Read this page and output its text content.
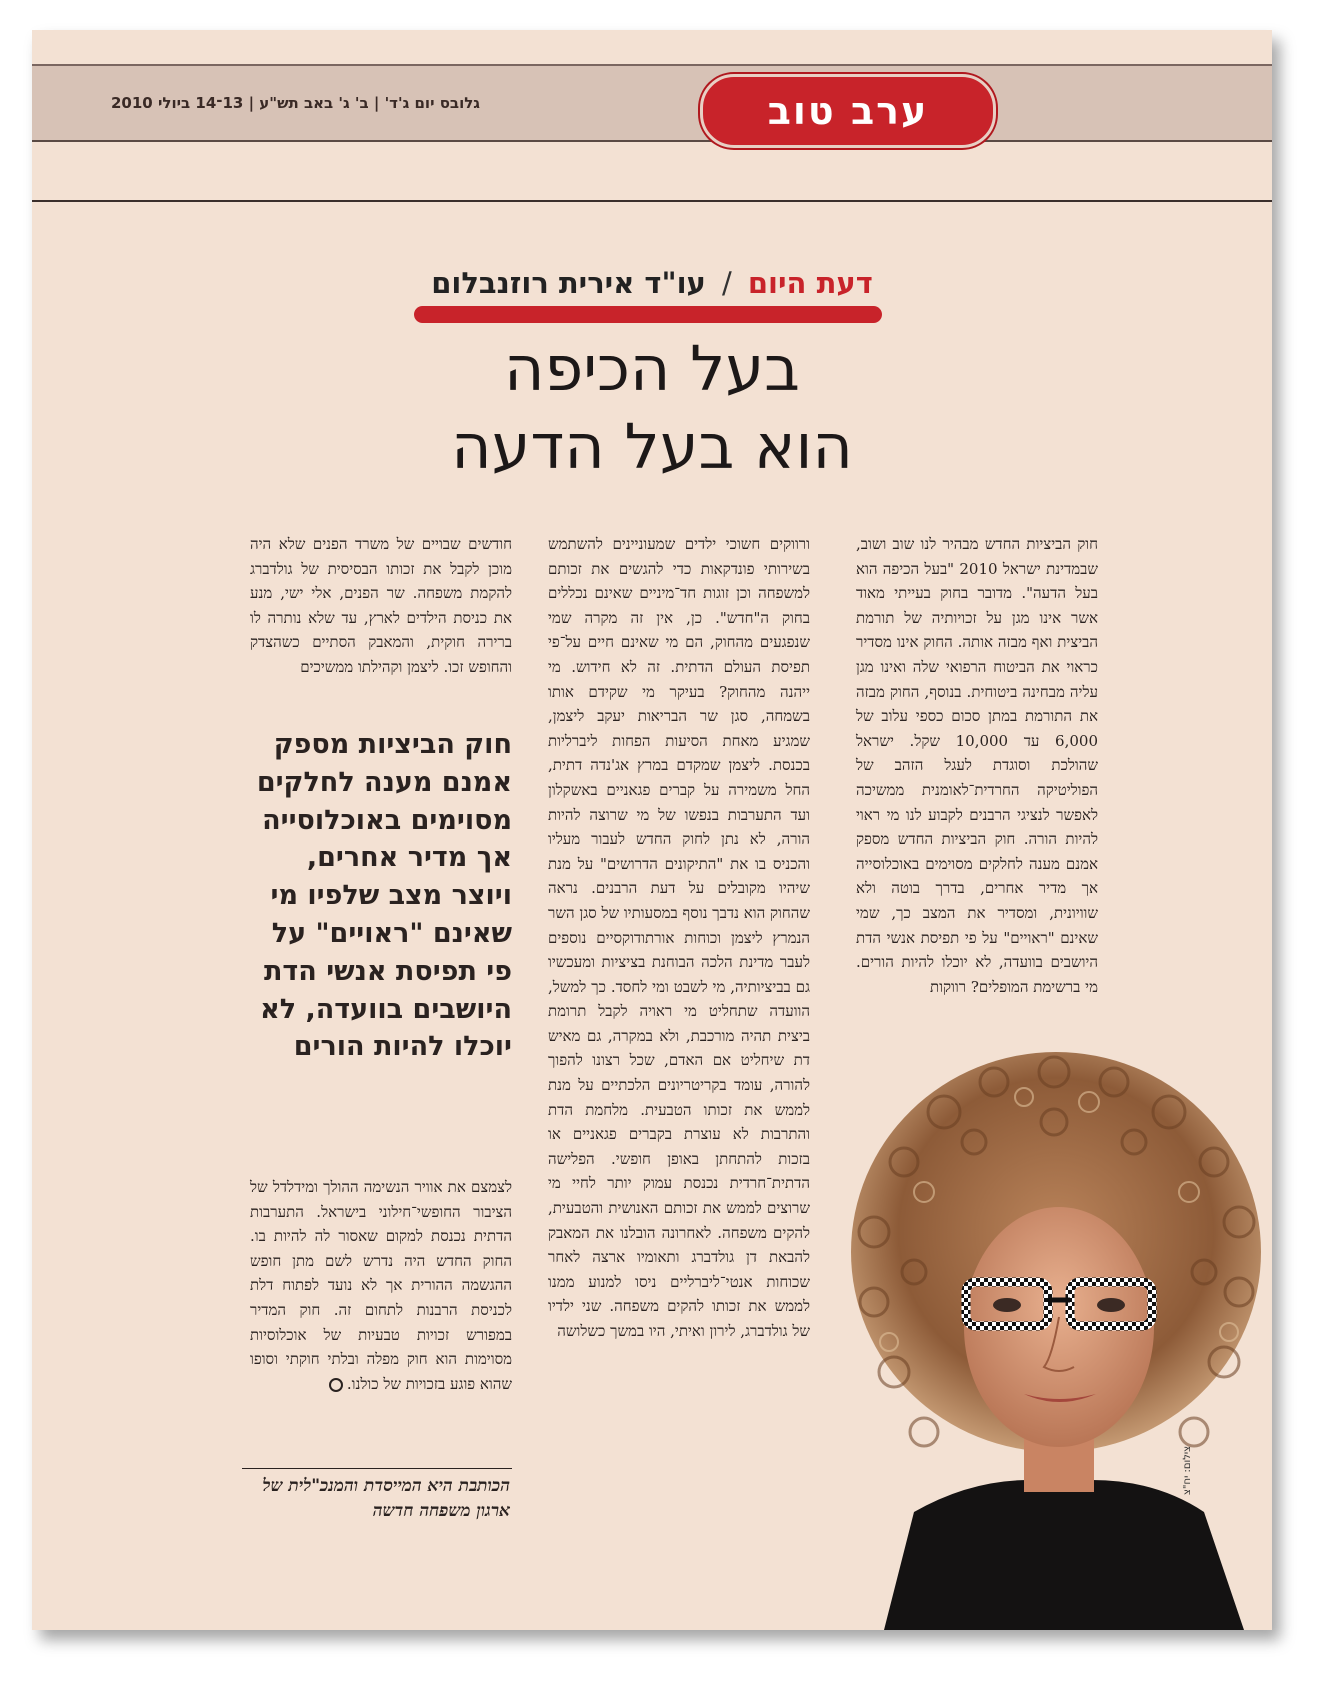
גלובס יום ג'ד' | ב' ג' באב תש"ע | 13־14 ביולי 2010	ערב טוב
דעת היום / עו"ד אירית רוזנבלום
בעל הכיפה
הוא בעל הדעה

חוק הביציות החדש מבהיר לנו שוב ושוב, שבמדינת ישראל 2010 "בעל הכיפה הוא בעל הדעה". מדובר בחוק בעייתי מאוד אשר אינו מגן על זכויותיה של תורמת הביצית ואף מבזה אותה. החוק אינו מסדיר כראוי את הביטוח הרפואי שלה ואינו מגן עליה מבחינה ביטוחית. בנוסף, החוק מבזה את התורמת במתן סכום כספי עלוב של 6,000 עד 10,000 שקל. ישראל שהולכת וסוגדת לעגל הזהב של הפוליטיקה החרדית־לאומנית ממשיכה לאפשר לנציגי הרבנים לקבוע לנו מי ראוי להיות הורה. חוק הביציות החדש מספק אמנם מענה לחלקים מסוימים באוכלוסייה אך מדיר אחרים, בדרך בוטה ולא שוויונית, ומסדיר את המצב כך, שמי שאינם "ראויים" על פי תפיסת אנשי הדת היושבים בוועדה, לא יוכלו להיות הורים. מי ברשימת המופלים? רווקות

ורווקים חשוכי ילדים שמעוניינים להשתמש בשירותי פונדקאות כדי להגשים את זכותם למשפחה וכן זוגות חד־מיניים שאינם נכללים בחוק ה"חדש". כן, אין זה מקרה שמי שנפגעים מהחוק, הם מי שאינם חיים על־פי תפיסת העולם הדתית. זה לא חידוש. מי ייהנה מהחוק? בעיקר מי שקידם אותו בשמחה, סגן שר הבריאות יעקב ליצמן, שמגיע מאחת הסיעות הפחות ליברליות בכנסת. ליצמן שמקדם במרץ אג'נדה דתית, החל משמירה על קברים פגאניים באשקלון ועד התערבות בנפשו של מי שרוצה להיות הורה, לא נתן לחוק החדש לעבור מעליו והכניס בו את "התיקונים הדרושים" על מנת שיהיו מקובלים על דעת הרבנים. נראה שהחוק הוא נדבך נוסף במסעותיו של סגן השר הנמרץ ליצמן וכוחות אורתודוקסיים נוספים לעבר מדינת הלכה הבוחנת בציציות ומעכשיו גם בביציותיה, מי לשבט ומי לחסד. כך למשל, הוועדה שתחליט מי ראויה לקבל תרומת ביצית תהיה מורכבת, ולא במקרה, גם מאיש דת שיחליט אם האדם, שכל רצונו להפוך להורה, עומד בקריטריונים הלכתיים על מנת לממש את זכותו הטבעית. מלחמת הדת והתרבות לא עוצרת בקברים פגאניים או בזכות להתחתן באופן חופשי. הפלישה הדתית־חרדית נכנסת עמוק יותר לחיי מי שרוצים לממש את זכותם האנושית והטבעית, להקים משפחה. לאחרונה הובלנו את המאבק להבאת דן גולדברג ותאומיו ארצה לאחר שכוחות אנטי־ליברליים ניסו למנוע ממנו לממש את זכותו להקים משפחה. שני ילדיו של גולדברג, לירון ואיתי, היו במשך כשלושה

חודשים שבויים של משרד הפנים שלא היה מוכן לקבל את זכותו הבסיסית של גולדברג להקמת משפחה. שר הפנים, אלי ישי, מנע את כניסת הילדים לארץ, עד שלא נותרה לו ברירה חוקית, והמאבק הסתיים כשהצדק והחופש זכו. ליצמן וקהילתו ממשיכים

חוק הביציות מספק אמנם מענה לחלקים מסוימים באוכלוסייה אך מדיר אחרים, ויוצר מצב שלפיו מי שאינם "ראויים" על פי תפיסת אנשי הדת היושבים בוועדה, לא יוכלו להיות הורים
לצמצם את אוויר הנשימה ההולך ומידלדל של הציבור החופשי־חילוני בישראל. התערבות הדתית נכנסת למקום שאסור לה להיות בו. החוק החדש היה נדרש לשם מתן חופש ההגשמה ההורית אך לא נועד לפתוח דלת לכניסת הרבנות לתחום זה. חוק המדיר במפורש זכויות טבעיות של אוכלוסיות מסוימות הוא חוק מפלה ובלתי חוקתי וסופו שהוא פוגע בזכויות של כולנו.
הכותבת היא המייסדת והמנכ"לית של ארגון משפחה חדשה
צילום: יח"צ
